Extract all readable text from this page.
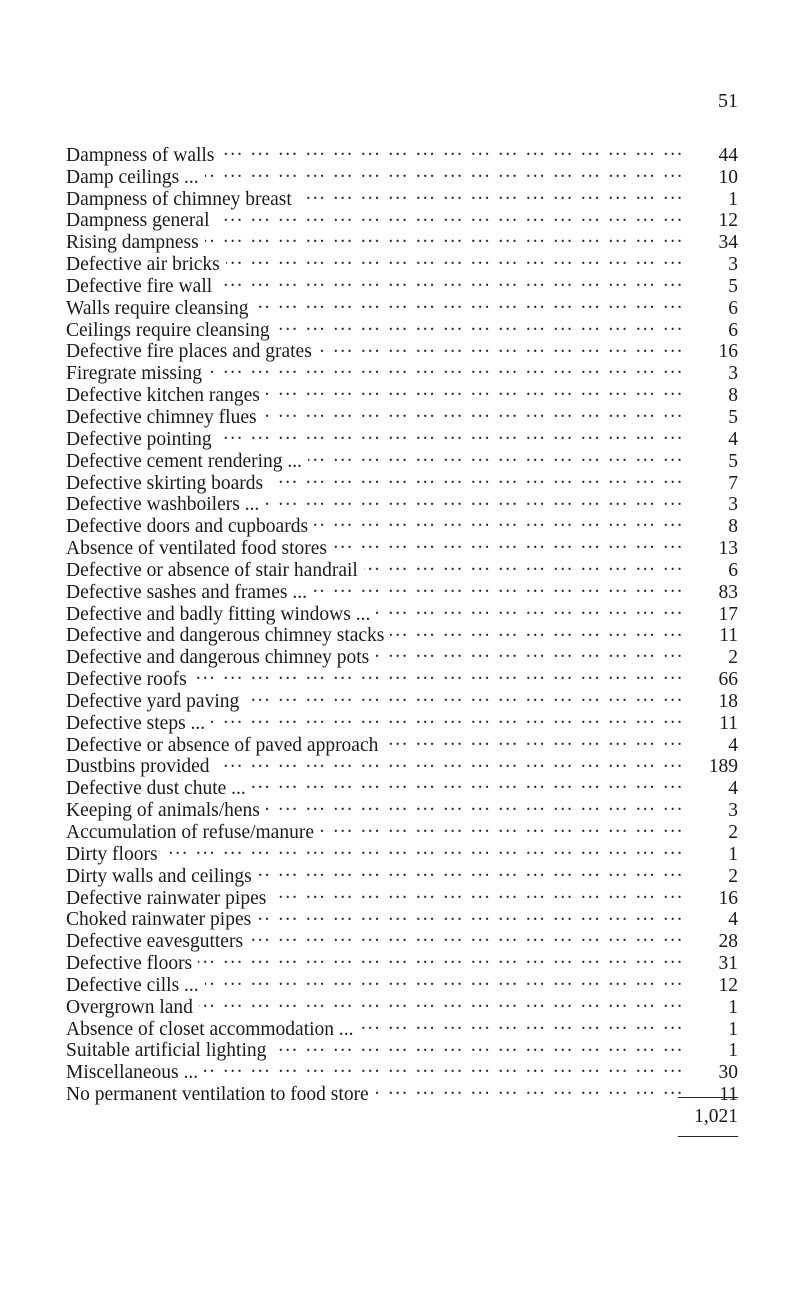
51
Dampness of walls ... .	44
Damp ceilings ... ... .	10
Dampness of chimney breast ... .	1
Dampness general ... .	12
Rising dampness ... .	34
Defective air bricks ... .	3
Defective fire wall ... .	5
Walls require cleansing ... .	6
Ceilings require cleansing ... .	6
Defective fire places and grates ... .	16
Firegrate missing ... .	3
Defective kitchen ranges ... .	8
Defective chimney flues ... .	5
Defective pointing ... .	4
Defective cement rendering ... ... .	5
Defective skirting boards ... .	7
Defective washboilers ... ... .	3
Defective doors and cupboards ... .	8
Absence of ventilated food stores ... .	13
Defective or absence of stair handrail ... .	6
Defective sashes and frames ... ... .	83
Defective and badly fitting windows ... ... .	17
Defective and dangerous chimney stacks ... .	11
Defective and dangerous chimney pots ... .	2
Defective roofs ... .	66
Defective yard paving ... .	18
Defective steps ... ... .	11
Defective or absence of paved approach ... .	4
Dustbins provided ... .	189
Defective dust chute ... ... .	4
Keeping of animals/hens ... .	3
Accumulation of refuse/manure ... .	2
Dirty floors ... .	1
Dirty walls and ceilings ... .	2
Defective rainwater pipes ... .	16
Choked rainwater pipes ... .	4
Defective eavesgutters ... .	28
Defective floors ... .	31
Defective cills ... ... .	12
Overgrown land ... .	1
Absence of closet accommodation ... ... .	1
Suitable artificial lighting ... .	1
Miscellaneous ... ... .	30
No permanent ventilation to food store ... .	11
1,021
